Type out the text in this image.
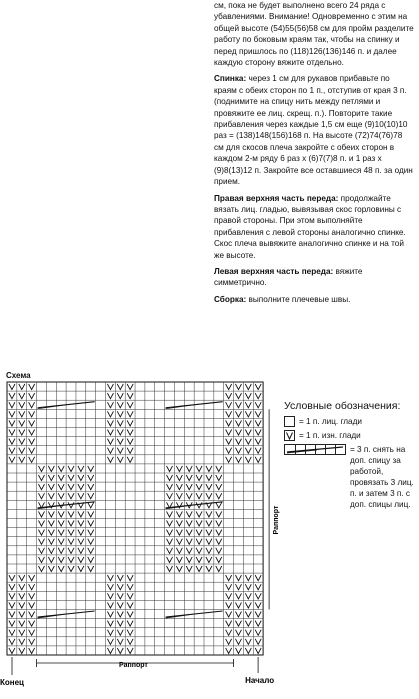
см, пока не будет выполнено всего 24 ряда с убавлениями. Внимание! Одновременно с этим на общей высоте (54)55(56)58 см для пройм разделите работу по боковым краям так, чтобы на спинку и перед пришлось по (118)126(136)146 п. и далее каждую сторону вяжите отдельно.

Спинка: через 1 см для рукавов прибавьте по краям с обеих сторон по 1 п., отступив от края 3 п. (поднимите на спицу нить между петлями и провяжите ее лиц. скрещ. п.). Повторите такие прибавления через каждые 1,5 см еще (9)10(10)10 раз = (138)148(156)168 п. На высоте (72)74(76)78 см для скосов плеча закройте с обеих сторон в каждом 2-м ряду 6 раз х (6)7(7)8 п. и 1 раз х (9)8(13)12 п. Закройте все оставшиеся 48 п. за один прием.

Правая верхняя часть переда: продолжайте вязать лиц. гладью, вывязывая скос горловины с правой стороны. При этом выполняйте прибавления с левой стороны аналогично спинке. Скос плеча вывяжите аналогично спинке и на той же высоте.

Левая верхняя часть переда: вяжите симметрично.

Сборка: выполните плечевые швы.

Схема
Раппорт
Раппорт
Конец	Начало
Условные обозначения:
= 1 п. лиц. глади
= 1 п. изн. глади
= 3 п. снять на доп. спицу за работой, провязать 3 лиц. п. и затем 3 п. с доп. спицы лиц.
